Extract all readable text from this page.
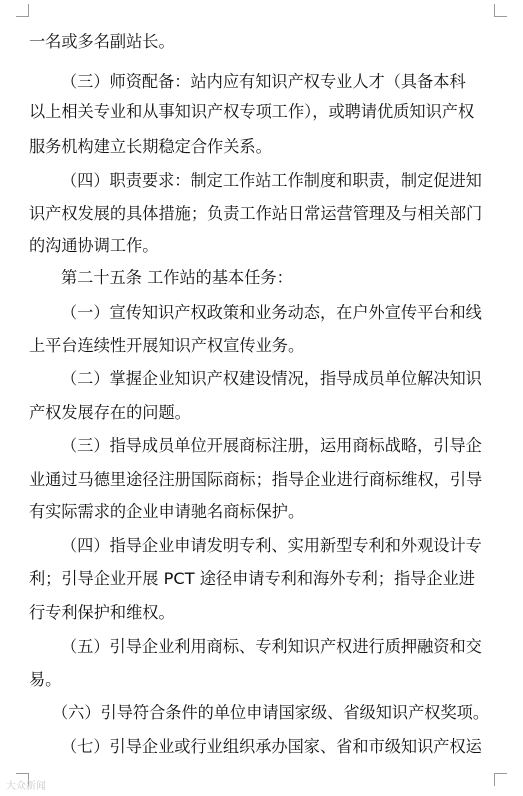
一名或多名副站长。
（三）师资配备：站内应有知识产权专业人才（具备本科
以上相关专业和从事知识产权专项工作），或聘请优质知识产权
服务机构建立长期稳定合作关系。
（四）职责要求：制定工作站工作制度和职责，制定促进知
识产权发展的具体措施；负责工作站日常运营管理及与相关部门
的沟通协调工作。
第二十五条 工作站的基本任务：
（一）宣传知识产权政策和业务动态，在户外宣传平台和线
上平台连续性开展知识产权宣传业务。
（二）掌握企业知识产权建设情况，指导成员单位解决知识
产权发展存在的问题。
（三）指导成员单位开展商标注册，运用商标战略，引导企
业通过马德里途径注册国际商标；指导企业进行商标维权，引导
有实际需求的企业申请驰名商标保护。
（四）指导企业申请发明专利、实用新型专利和外观设计专
利；引导企业开展 PCT 途径申请专利和海外专利；指导企业进
行专利保护和维权。
（五）引导企业利用商标、专利知识产权进行质押融资和交
易。
（六）引导符合条件的单位申请国家级、省级知识产权奖项。
（七）引导企业或行业组织承办国家、省和市级知识产权运
大众新闻
